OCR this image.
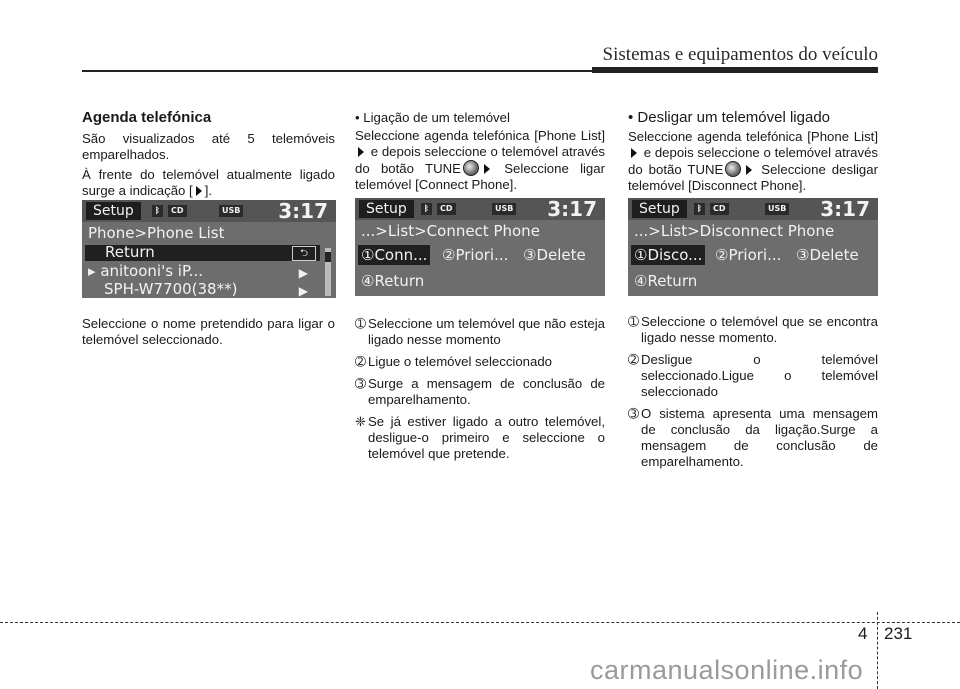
Sistemas e equipamentos do veículo
Agenda telefónica

São visualizados até 5 telemóveis emparelhados.

À frente do telemóvel atualmente ligado surge a indicação [ ].

Seleccione o nome pretendido para ligar o telemóvel seleccionado.

Setup	ᛒ	CD	USB 3:17
Phone>Phone List
Return	⮌
▸ anitooni's iP...	▶
SPH-W7700(38**)	▶
• Ligação de um telemóvel

Seleccione agenda telefónica [Phone List] e depois seleccione o telemóvel através do botão TUNE Seleccione ligar telemóvel [Connect Phone].

➀ Seleccione um telemóvel que não esteja ligado nesse momento
➁ Ligue o telemóvel seleccionado
➂ Surge a mensagem de conclusão de emparelhamento.
❈ Se já estiver ligado a outro telemóvel, desligue-o primeiro e seleccione o telemóvel que pretende.
Setup	ᛒ	CD	USB 3:17
...>List>Connect Phone
①Conn... ②Priori... ③Delete
④Return
• Desligar um telemóvel ligado

Seleccione agenda telefónica [Phone List] e depois seleccione o telemóvel através do botão TUNE Seleccione desligar telemóvel [Disconnect Phone].

➀ Seleccione o telemóvel que se encontra ligado nesse momento.
➁ Desligue o telemóvel seleccionado.Ligue o telemóvel seleccionado
➂ O sistema apresenta uma mensagem de conclusão da ligação.Surge a mensagem de conclusão de emparelhamento.
Setup	ᛒ	CD	USB 3:17
...>List>Disconnect Phone
①Disco... ②Priori... ③Delete
④Return
4 231
carmanualsonline.info
